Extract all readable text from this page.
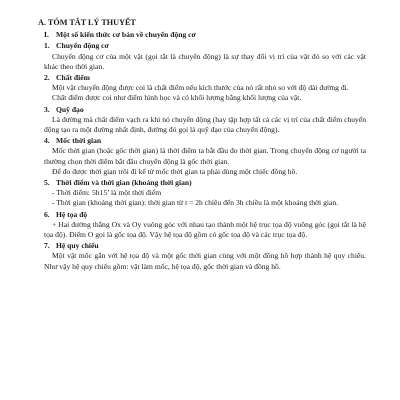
A. TÓM TẮT LÝ THUYẾT
I. Một số kiến thức cơ bản về chuyển động cơ
1. Chuyển động cơ
Chuyển động cơ của một vật (gọi tắt là chuyển động) là sự thay đổi vị trí của vật đó so với các vật khác theo thời gian.
2. Chất điểm
Một vật chuyển động được coi là chất điểm nếu kích thước của nó rất nhỏ so với độ dài đường đi.
Chất điểm được coi như điểm hình học và có khối lượng bằng khối lượng của vật.
3. Quỹ đạo
Là đường mà chất điểm vạch ra khi nó chuyển động (hay tập hợp tất cả các vị trí của chất điểm chuyển động tạo ra một đường nhất định, đường đó gọi là quỹ đạo của chuyển động).
4. Mốc thời gian
Mốc thời gian (hoặc gốc thời gian) là thời điểm ta bắt đầu đo thời gian. Trong chuyển động cơ người ta thường chọn thời điểm bắt đầu chuyển động là gốc thời gian.
Để đo được thời gian trôi đi kể từ mốc thời gian ta phải dùng một chiếc đồng hồ.
5. Thời điểm và thời gian (khoảng thời gian)
- Thời điểm: 5h15’ là một thời điểm
- Thời gian (khoảng thời gian): thời gian từ t = 2h chiều đến 3h chiều là một khoảng thời gian.
6. Hệ tọa độ
+ Hai đường thẳng Ox và Oy vuông góc với nhau tạo thành một hệ trục tọa độ vuông góc (gọi tắt là hệ tọa độ). Điểm O gọi là gốc tọa độ. Vậy hệ tọa độ gồm có gốc tọa độ và các trục tọa độ.
7. Hệ quy chiếu
Một vật mốc gắn với hệ tọa độ và một gốc thời gian cùng với một đồng hồ hợp thành hệ quy chiếu. Như vậy hệ quy chiếu gồm: vật làm mốc, hệ tọa độ, gốc thời gian và đồng hồ.
